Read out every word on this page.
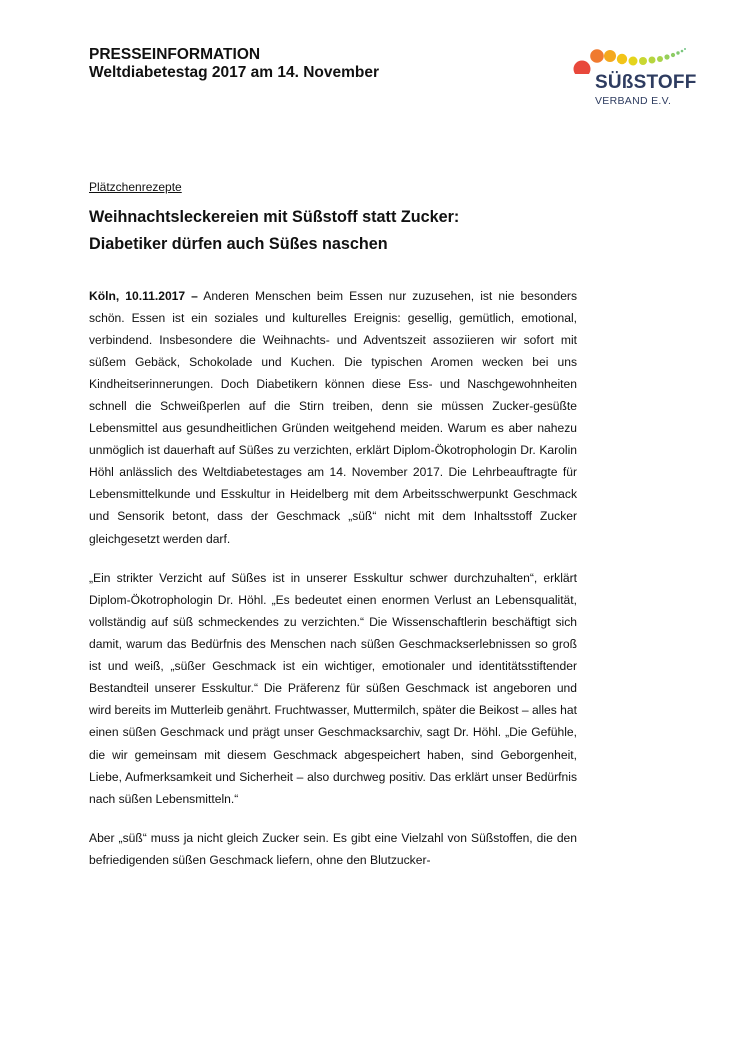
PRESSEINFORMATION
Weltdiabetestag 2017 am 14. November	SÜßSTOFF
VERBAND E.V.
Plätzchenrezepte
Weihnachtsleckereien mit Süßstoff statt Zucker:
Diabetiker dürfen auch Süßes naschen

Köln, 10.11.2017 – Anderen Menschen beim Essen nur zuzusehen, ist nie besonders schön. Essen ist ein soziales und kulturelles Ereignis: gesellig, gemütlich, emotional, verbindend. Insbesondere die Weihnachts- und Adventszeit assoziieren wir sofort mit süßem Gebäck, Schokolade und Kuchen. Die typischen Aromen wecken bei uns Kindheitserinnerungen. Doch Diabetikern können diese Ess- und Naschgewohnheiten schnell die Schweißperlen auf die Stirn treiben, denn sie müssen Zucker-gesüßte Lebensmittel aus gesundheitlichen Gründen weitgehend meiden. Warum es aber nahezu unmöglich ist dauerhaft auf Süßes zu verzichten, erklärt Diplom-Ökotrophologin Dr. Karolin Höhl anlässlich des Weltdiabetestages am 14. November 2017. Die Lehrbeauftragte für Lebensmittelkunde und Esskultur in Heidelberg mit dem Arbeitsschwerpunkt Geschmack und Sensorik betont, dass der Geschmack „süß“ nicht mit dem Inhaltsstoff Zucker gleichgesetzt werden darf.

„Ein strikter Verzicht auf Süßes ist in unserer Esskultur schwer durchzuhalten“, erklärt Diplom-Ökotrophologin Dr. Höhl. „Es bedeutet einen enormen Verlust an Lebensqualität, vollständig auf süß schmeckendes zu verzichten.“ Die Wissenschaftlerin beschäftigt sich damit, warum das Bedürfnis des Menschen nach süßen Geschmackserlebnissen so groß ist und weiß, „süßer Geschmack ist ein wichtiger, emotionaler und identitätsstiftender Bestandteil unserer Esskultur.“ Die Präferenz für süßen Geschmack ist angeboren und wird bereits im Mutterleib genährt. Fruchtwasser, Muttermilch, später die Beikost – alles hat einen süßen Geschmack und prägt unser Geschmacksarchiv, sagt Dr. Höhl. „Die Gefühle, die wir gemeinsam mit diesem Geschmack abgespeichert haben, sind Geborgenheit, Liebe, Aufmerksamkeit und Sicherheit – also durchweg positiv. Das erklärt unser Bedürfnis nach süßen Lebensmitteln.“

Aber „süß“ muss ja nicht gleich Zucker sein. Es gibt eine Vielzahl von Süßstoffen, die den befriedigenden süßen Geschmack liefern, ohne den Blutzucker-
